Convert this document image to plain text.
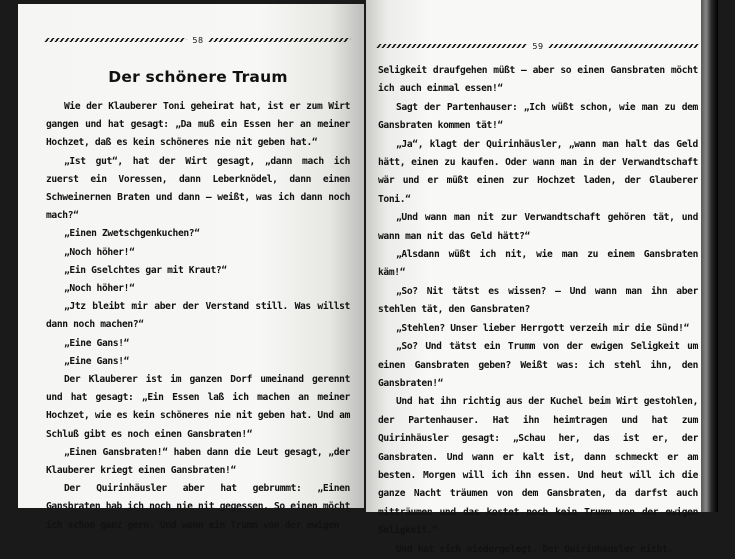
58
Der schönere Traum

Wie der Klauberer Toni geheirat hat, ist er zum Wirt gangen und hat gesagt: „Da muß ein Essen her an meiner Hochzet, daß es kein schöneres nie nit geben hat.“

„Ist gut“, hat der Wirt gesagt, „dann mach ich zuerst ein Voressen, dann Leberknödel, dann einen Schweinernen Braten und dann — weißt, was ich dann noch mach?“

„Einen Zwetschgenkuchen?“

„Noch höher!“

„Ein Gselchtes gar mit Kraut?“

„Noch höher!“

„Jtz bleibt mir aber der Verstand still. Was willst dann noch machen?“

„Eine Gans!“

„Eine Gans!“

Der Klauberer ist im ganzen Dorf umeinand gerennt und hat gesagt: „Ein Essen laß ich machen an meiner Hochzet, wie es kein schöneres nie nit geben hat. Und am Schluß gibt es noch einen Gansbraten!“

„Einen Gansbraten!“ haben dann die Leut gesagt, „der Klauberer kriegt einen Gansbraten!“

Der Quirinhäusler aber hat gebrummt: „Einen Gansbraten hab ich noch nie nit gegessen. So einen möcht ich schon ganz gern. Und wann ein Trumm von der ewigen

59

Seligkeit draufgehen müßt — aber so einen Gansbraten möcht ich auch einmal essen!“

Sagt der Partenhauser: „Ich wüßt schon, wie man zu dem Gansbraten kommen tät!“

„Ja“, klagt der Quirinhäusler, „wann man halt das Geld hätt, einen zu kaufen. Oder wann man in der Verwandtschaft wär und er müßt einen zur Hochzet laden, der Glauberer Toni.“

„Und wann man nit zur Verwandtschaft gehören tät, und wann man nit das Geld hätt?“

„Alsdann wüßt ich nit, wie man zu einem Gansbraten käm!“

„So? Nit tätst es wissen? — Und wann man ihn aber stehlen tät, den Gansbraten?

„Stehlen? Unser lieber Herrgott verzeih mir die Sünd!“

„So? Und tätst ein Trumm von der ewigen Seligkeit um einen Gansbraten geben? Weißt was: ich stehl ihn, den Gansbraten!“

Und hat ihn richtig aus der Kuchel beim Wirt gestohlen, der Partenhauser. Hat ihn heimtragen und hat zum Quirinhäusler gesagt: „Schau her, das ist er, der Gansbraten. Und wann er kalt ist, dann schmeckt er am besten. Morgen will ich ihn essen. Und heut will ich die ganze Nacht träumen von dem Gansbraten, da darfst auch mitträumen und das kostet noch kein Trumm von der ewigen Seligkeit.“

Und hat sich niedergelegt. Der Quirinhäusler nicht.
